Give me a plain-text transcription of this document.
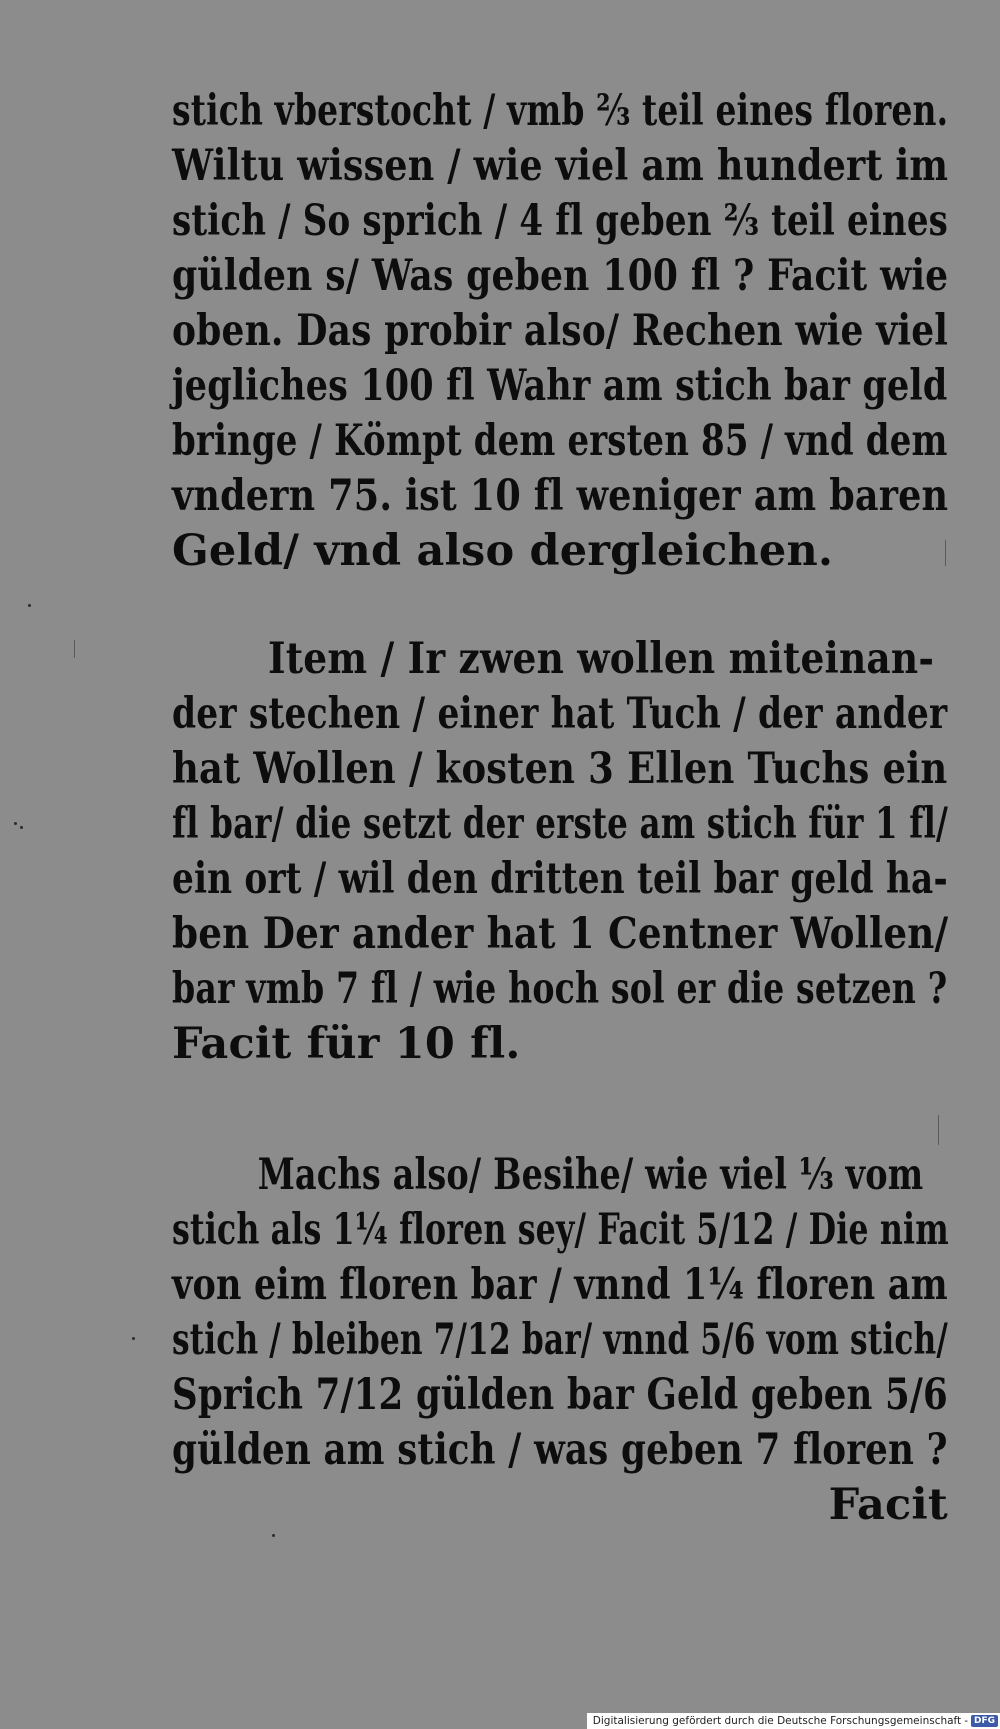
stich vberstocht / vmb ⅔ teil eines floren.
Wiltu wissen / wie viel am hundert im
stich / So sprich / 4 fl geben ⅔ teil eines
gülden s/ Was geben 100 fl ? Facit wie
oben. Das probir also/ Rechen wie viel
jegliches 100 fl Wahr am stich bar geld
bringe / Kömpt dem ersten 85 / vnd dem
vndern 75. ist 10 fl weniger am baren
Geld/ vnd also dergleichen.
Item / Ir zwen wollen miteinan-
der stechen / einer hat Tuch / der ander
hat Wollen / kosten 3 Ellen Tuchs ein
fl bar/ die setzt der erste am stich für 1 fl/
ein ort / wil den dritten teil bar geld ha-
ben Der ander hat 1 Centner Wollen/
bar vmb 7 fl / wie hoch sol er die setzen ?
Facit für 10 fl.
Machs also/ Besihe/ wie viel ⅓ vom
stich als 1¼ floren sey/ Facit 5/12 / Die nim
von eim floren bar / vnnd 1¼ floren am
stich / bleiben 7/12 bar/ vnnd 5/6 vom stich/
Sprich 7/12 gülden bar Geld geben 5/6
gülden am stich / was geben 7 floren ?
Facit
Digitalisierung gefördert durch die Deutsche Forschungsgemeinschaft - DFG
